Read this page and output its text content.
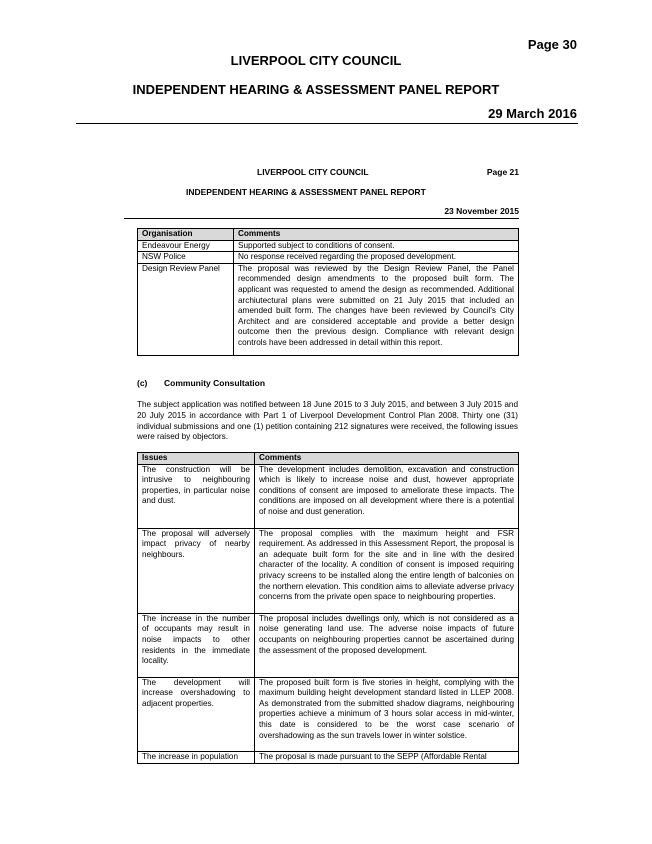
Page 30
LIVERPOOL CITY COUNCIL
INDEPENDENT HEARING & ASSESSMENT PANEL REPORT
29 March 2016
LIVERPOOL CITY COUNCIL	Page 21
INDEPENDENT HEARING & ASSESSMENT PANEL REPORT
23 November 2015
Organisation	Comments
Endeavour Energy	Supported subject to conditions of consent.
NSW Police	No response received regarding the proposed development.
Design Review Panel	The proposal was reviewed by the Design Review Panel, the Panel recommended design amendments to the proposed built form. The applicant was requested to amend the design as recommended. Additional archiutectural plans were submitted on 21 July 2015 that included an amended built form. The changes have been reviewed by Council's City Architect and are considered acceptable and provide a better design outcome then the previous design. Compliance with relevant design controls have been addressed in detail within this report.
(c) Community Consultation
The subject application was notified between 18 June 2015 to 3 July 2015, and between 3 July 2015 and 20 July 2015 in accordance with Part 1 of Liverpool Development Control Plan 2008. Thirty one (31) individual submissions and one (1) petition containing 212 signatures were received, the following issues were raised by objectors.
Issues	Comments
The construction will be intrusive to neighbouring properties, in particular noise and dust.	The development includes demolition, excavation and construction which is likely to increase noise and dust, however appropriate conditions of consent are imposed to ameliorate these impacts. The conditions are imposed on all development where there is a potential of noise and dust generation.
The proposal will adversely impact privacy of nearby neighbours.	The proposal complies with the maximum height and FSR requirement. As addressed in this Assessment Report, the proposal is an adequate built form for the site and in line with the desired character of the locality. A condition of consent is imposed requiring privacy screens to be installed along the entire length of balconies on the northern elevation. This condition aims to alleviate adverse privacy concerns from the private open space to neighbouring properties.
The increase in the number of occupants may result in noise impacts to other residents in the immediate locality.	The proposal includes dwellings only, which is not considered as a noise generating land use. The adverse noise impacts of future occupants on neighbouring properties cannot be ascertained during the assessment of the proposed development.
The development will increase overshadowing to adjacent properties.	The proposed built form is five stories in height, complying with the maximum building height development standard listed in LLEP 2008. As demonstrated from the submitted shadow diagrams, neighbouring properties achieve a minimum of 3 hours solar access in mid-winter, this date is considered to be the worst case scenario of overshadowing as the sun travels lower in winter solstice.
The increase in population	The proposal is made pursuant to the SEPP (Affordable Rental
